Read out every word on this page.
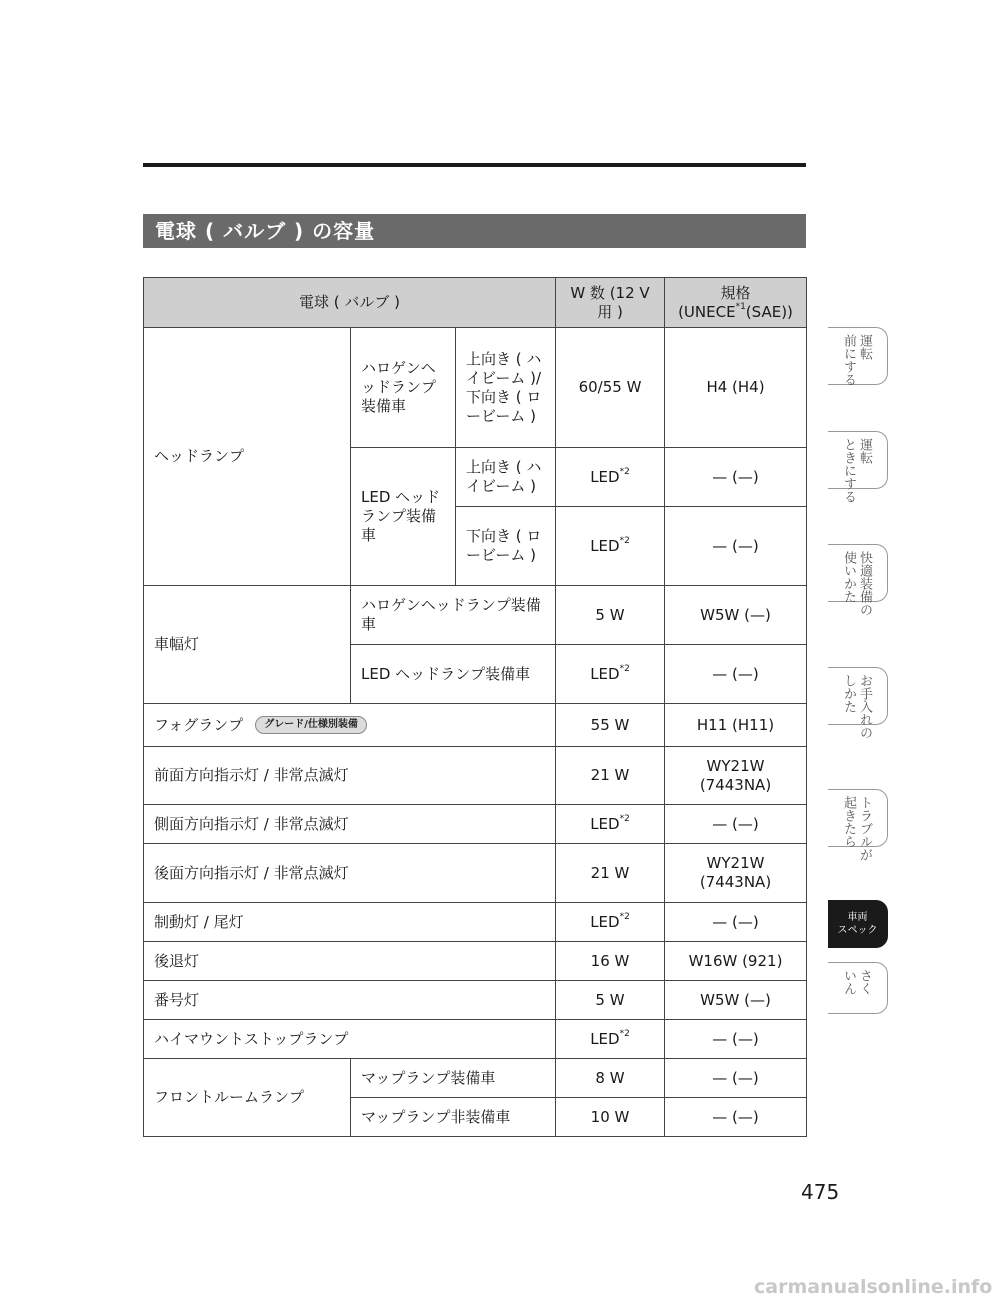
電球 ( バルブ ) の容量
電球 ( バルブ )			W 数 (12 V 用 )	規格
(UNECE$^{*1}$(SAE))
ヘッドランプ	ハロゲンヘッドランプ装備車	上向き ( ハイビーム )/ 下向き ( ロービーム )	60/55 W	H4 (H4)
	LED ヘッドランプ装備車	上向き ( ハイビーム )	LED$^{*2}$	— (—)
		下向き ( ロービーム )	LED$^{*2}$	— (—)
車幅灯	ハロゲンヘッドランプ装備車		5 W	W5W (—)
	LED ヘッドランプ装備車		LED$^{*2}$	— (—)
フォグランプ グレード/仕様別装備			55 W	H11 (H11)
前面方向指示灯 / 非常点滅灯			21 W	WY21W (7443NA)
側面方向指示灯 / 非常点滅灯			LED$^{*2}$	— (—)
後面方向指示灯 / 非常点滅灯			21 W	WY21W (7443NA)
制動灯 / 尾灯			LED$^{*2}$	— (—)
後退灯			16 W	W16W (921)
番号灯			5 W	W5W (—)
ハイマウントストップランプ			LED$^{*2}$	— (—)
フロントルームランプ	マップランプ装備車		8 W	— (—)
	マップランプ非装備車		10 W	— (—)
運転
前にする
運転
ときにする
快適装備の
使いかた
お手入れの
しかた
トラブルが
起きたら
車両
スペック
さく
いん
475
carmanualsonline.info
